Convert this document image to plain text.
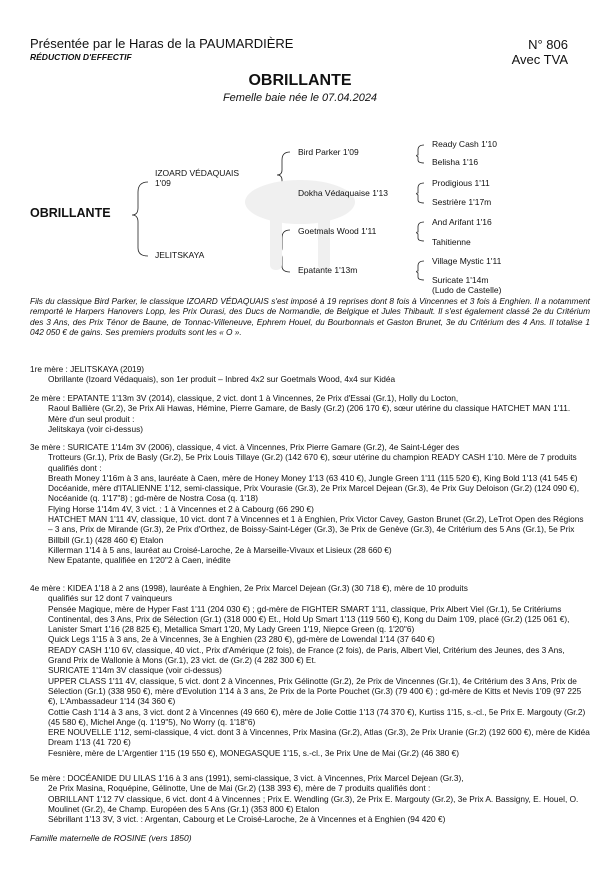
Présentée par le Haras de la PAUMARDIÈRE
RÉDUCTION D'EFFECTIF
N° 806
Avec TVA
OBRILLANTE
Femelle baie née le 07.04.2024
OBRILLANTE
IZOARD VÉDAQUAIS
1'09
JELITSKAYA
Bird Parker 1'09
Dokha Védaquaise 1'13
Goetmals Wood 1'11
Epatante 1'13m
Ready Cash 1'10
Belisha 1'16
Prodigious 1'11
Sestrière 1'17m
And Arifant 1'16
Tahitienne
Village Mystic 1'11
Suricate 1'14m
(Ludo de Castelle)
Fils du classique Bird Parker, le classique IZOARD VÉDAQUAIS s'est imposé à 19 reprises dont 8 fois à Vincennes et 3 fois à Enghien. Il a notamment remporté le Harpers Hanovers Lopp, les Prix Ourasi, des Ducs de Normandie, de Belgique et Jules Thibault. Il s'est également classé 2e du Critérium des 3 Ans, des Prix Ténor de Baune, de Tonnac-Villeneuve, Ephrem Houel, du Bourbonnais et Gaston Brunet, 3e du Critérium des 4 Ans. Il totalise 1 042 050 € de gains. Ses premiers produits sont les « O ».

1re mère : JELITSKAYA (2019)

Obrillante (Izoard Védaquais), son 1er produit – Inbred 4x2 sur Goetmals Wood, 4x4 sur Kidéa

2e mère : EPATANTE 1'13m 3V (2014), classique, 2 vict. dont 1 à Vincennes, 2e Prix d'Essai (Gr.1), Holly du Locton,

Raoul Ballière (Gr.2), 3e Prix Ali Hawas, Hémine, Pierre Gamare, de Basly (Gr.2) (206 170 €), sœur utérine du classique HATCHET MAN 1'11. Mère d'un seul produit :

Jelitskaya (voir ci-dessus)

3e mère : SURICATE 1'14m 3V (2006), classique, 4 vict. à Vincennes, Prix Pierre Gamare (Gr.2), 4e Saint-Léger des

Trotteurs (Gr.1), Prix de Basly (Gr.2), 5e Prix Louis Tillaye (Gr.2) (142 670 €), sœur utérine du champion READY CASH 1'10. Mère de 7 produits qualifiés dont :

Breath Money 1'16m à 3 ans, lauréate à Caen, mère de Honey Money 1'13 (63 410 €), Jungle Green 1'11 (115 520 €), King Bold 1'13 (41 545 €)

Docéanide, mère d'ITALIENNE 1'12, semi-classique, Prix Vourasie (Gr.3), 2e Prix Marcel Dejean (Gr.3), 4e Prix Guy Deloison (Gr.2) (124 090 €), Nocéanide (q. 1'17"8) ; gd-mère de Nostra Cosa (q. 1'18)

Flying Horse 1'14m 4V, 3 vict. : 1 à Vincennes et 2 à Cabourg (66 290 €)

HATCHET MAN 1'11 4V, classique, 10 vict. dont 7 à Vincennes et 1 à Enghien, Prix Victor Cavey, Gaston Brunet (Gr.2), LeTrot Open des Régions – 3 ans, Prix de Mirande (Gr.3), 2e Prix d'Orthez, de Boissy-Saint-Léger (Gr.3), 3e Prix de Genève (Gr.3), 4e Critérium des 5 Ans (Gr.1), 5e Prix Billbill (Gr.1) (428 460 €) Etalon

Killerman 1'14 à 5 ans, lauréat au Croisé-Laroche, 2e à Marseille-Vivaux et Lisieux (28 660 €)

New Epatante, qualifiée en 1'20"2 à Caen, inédite

4e mère : KIDEA 1'18 à 2 ans (1998), lauréate à Enghien, 2e Prix Marcel Dejean (Gr.3) (30 718 €), mère de 10 produits

qualifiés sur 12 dont 7 vainqueurs

Pensée Magique, mère de Hyper Fast 1'11 (204 030 €) ; gd-mère de FIGHTER SMART 1'11, classique, Prix Albert Viel (Gr.1), 5e Critériums Continental, des 3 Ans, Prix de Sélection (Gr.1) (318 000 €) Et., Hold Up Smart 1'13 (119 560 €), Kong du Daim 1'09, placé (Gr.2) (125 061 €), Lanister Smart 1'16 (28 825 €), Metallica Smart 1'20, My Lady Green 1'19, Niepce Green (q. 1'20"6)

Quick Legs 1'15 à 3 ans, 2e à Vincennes, 3e à Enghien (23 280 €), gd-mère de Lowendal 1'14 (37 640 €)

READY CASH 1'10 6V, classique, 40 vict., Prix d'Amérique (2 fois), de France (2 fois), de Paris, Albert Viel, Critérium des Jeunes, des 3 Ans, Grand Prix de Wallonie à Mons (Gr.1), 23 vict. de (Gr.2) (4 282 300 €) Et.

SURICATE 1'14m 3V classique (voir ci-dessus)

UPPER CLASS 1'11 4V, classique, 5 vict. dont 2 à Vincennes, Prix Gélinotte (Gr.2), 2e Prix de Vincennes (Gr.1), 4e Critérium des 3 Ans, Prix de Sélection (Gr.1) (338 950 €), mère d'Evolution 1'14 à 3 ans, 2e Prix de la Porte Pouchet (Gr.3) (79 400 €) ; gd-mère de Kitts et Nevis 1'09 (97 225 €), L'Ambassadeur 1'14 (34 360 €)

Cottie Cash 1'14 à 3 ans, 3 vict. dont 2 à Vincennes (49 660 €), mère de Jolie Cottie 1'13 (74 370 €), Kurtiss 1'15, s.-cl., 5e Prix E. Margouty (Gr.2) (45 580 €), Michel Ange (q. 1'19"5), No Worry (q. 1'18"6)

ERE NOUVELLE 1'12, semi-classique, 4 vict. dont 3 à Vincennes, Prix Masina (Gr.2), Atlas (Gr.3), 2e Prix Uranie (Gr.2) (192 600 €), mère de Kidéa Dream 1'13 (41 720 €)

Fesnière, mère de L'Argentier 1'15 (19 550 €), MONEGASQUE 1'15, s.-cl., 3e Prix Une de Mai (Gr.2) (46 380 €)

5e mère : DOCÉANIDE DU LILAS 1'16 à 3 ans (1991), semi-classique, 3 vict. à Vincennes, Prix Marcel Dejean (Gr.3),

2e Prix Masina, Roquépine, Gélinotte, Une de Mai (Gr.2) (138 393 €), mère de 7 produits qualifiés dont :

OBRILLANT 1'12 7V classique, 6 vict. dont 4 à Vincennes ; Prix E. Wendling (Gr.3), 2e Prix E. Margouty (Gr.2), 3e Prix A. Bassigny, E. Houel, O. Moulinet (Gr.2), 4e Champ. Européen des 5 Ans (Gr.1) (353 800 €) Etalon

Sébrillant 1'13 3V, 3 vict. : Argentan, Cabourg et Le Croisé-Laroche, 2e à Vincennes et à Enghien (94 420 €)

Famille maternelle de ROSINE (vers 1850)
